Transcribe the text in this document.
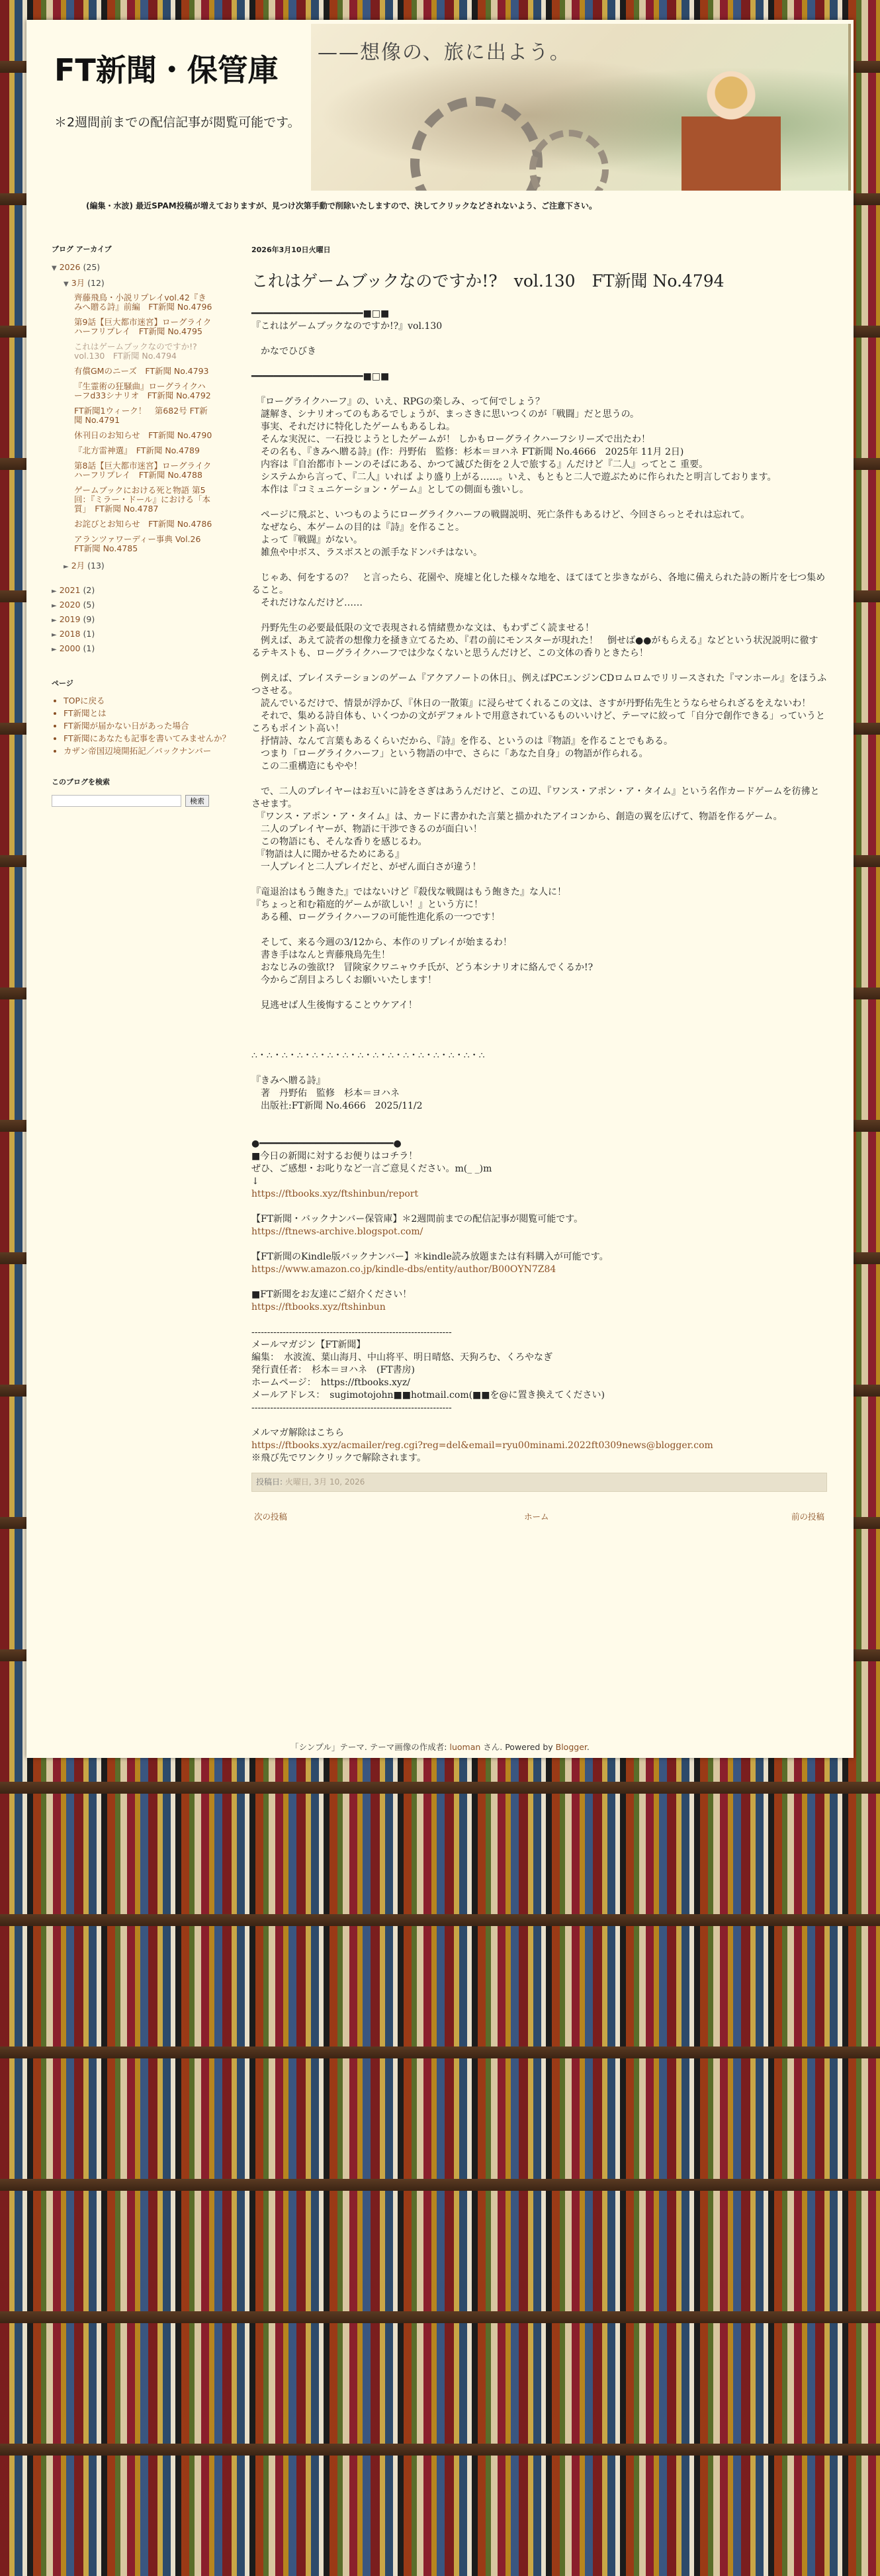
FT新聞・保管庫
＊2週間前までの配信記事が閲覧可能です。
——想像の、旅に出よう。
(編集・水波) 最近SPAM投稿が増えておりますが、見つけ次第手動で削除いたしますので、決してクリックなどされないよう、ご注意下さい。
ブログ アーカイブ
▼ 2026 (25)
▼ 3月 (12)
齊藤飛鳥・小説リプレイvol.42『きみへ贈る詩』前編　FT新聞 No.4796
第9話【巨大都市迷宮】ローグライクハーフリプレイ　FT新聞 No.4795
これはゲームブックなのですか!?　vol.130　FT新聞 No.4794
有償GMのニーズ　FT新聞 No.4793
『生霊術の狂騒曲』ローグライクハーフd33シナリオ　FT新聞 No.4792
FT新聞1ウィーク！　第682号 FT新聞 No.4791
休刊日のお知らせ　FT新聞 No.4790
『北方雷神選』　FT新聞 No.4789
第8話【巨大都市迷宮】ローグライクハーフリプレイ　FT新聞 No.4788
ゲームブックにおける死と物語 第5回：『ミラー・ドール』における「本質」　FT新聞 No.4787
お詫びとお知らせ　FT新聞 No.4786
アランツァワーディー事典 Vol.26　FT新聞 No.4785
► 2月 (13)
► 2021 (2)
► 2020 (5)
► 2019 (9)
► 2018 (1)
► 2000 (1)
ページ
• TOPに戻る
• FT新聞とは
• FT新聞が届かない日があった場合
• FT新聞にあなたも記事を書いてみませんか？
• カザン帝国辺境開拓記／バックナンバー
このブログを検索
検索
2026年3月10日火曜日
これはゲームブックなのですか!?　vol.130　FT新聞 No.4794
━━━━━━━━━━━━━━━━━━━━■□■
『これはゲームブックなのですか!?』vol.130
　かなでひびき
━━━━━━━━━━━━━━━━━━━━■□■
　『ローグライクハーフ』の、いえ、RPGの楽しみ、って何でしょう？
　謎解き、シナリオってのもあるでしょうが、まっさきに思いつくのが「戦闘」だと思うの。
　事実、それだけに特化したゲームもあるしね。
　そんな実況に、一石投じようとしたゲームが！ しかもローグライクハーフシリーズで出たわ！
　その名も、『きみへ贈る詩』(作：丹野佑　監修：杉本＝ヨハネ FT新聞 No.4666　2025年 11月 2日)
　内容は『自治都市トーンのそばにある、かつて滅びた街を２人で旅する』んだけど『二人』ってとこ 重要。
　システムから言って、『二人』いれば より盛り上がる……。いえ、もともと二人で遊ぶために作られたと明言しております。
　本作は『コミュニケーション・ゲーム』としての側面も強いし。
　ページに飛ぶと、いつものようにローグライクハーフの戦闘説明、死亡条件もあるけど、今回さらっとそれは忘れて。
　なぜなら、本ゲームの目的は『詩』を作ること。
　よって『戦闘』がない。
　雑魚や中ボス、ラスボスとの派手なドンパチはない。
　じゃあ、何をするの？　と言ったら、花園や、廃墟と化した様々な地を、ほてほてと歩きながら、各地に備えられた詩の断片を七つ集めること。
　それだけなんだけど……
　丹野先生の必要最低限の文で表現される情緒豊かな文は、もわずごく読ませる！
　例えば、あえて読者の想像力を掻き立てるため、『君の前にモンスターが現れた！　倒せば●●がもらえる』などという状況説明に徹するテキストも、ローグライクハーフでは少なくないと思うんだけど、この文体の香りときたら！
　例えば、プレイステーションのゲーム『アクアノートの休日』、例えばPCエンジンCDロムロムでリリースされた『マンホール』をほうふつさせる。
　読んでいるだけで、情景が浮かび、『休日の一散策』に浸らせてくれるこの文は、さすが丹野佑先生とうならせられざるをえないわ！
　それで、集める詩自体も、いくつかの文がデフォルトで用意されているものいいけど、テーマに絞って「自分で創作できる」っていうところもポイント高い！
　抒情詩、なんて言葉もあるくらいだから、『詩』を作る、というのは『物語』を作ることでもある。
　つまり「ローグライクハーフ」という物語の中で、さらに「あなた自身」の物語が作られる。
　この二重構造にもやや！
　で、二人のプレイヤーはお互いに詩をさぎはあうんだけど、この辺、『ワンス・アポン・ア・タイム』という名作カードゲームを彷彿とさせます。
　『ワンス・アポン・ア・タイム』は、カードに書かれた言葉と描かれたアイコンから、創造の翼を広げて、物語を作るゲーム。
　二人のプレイヤーが、物語に干渉できるのが面白い！
　この物語にも、そんな香りを感じるわ。
　『物語は人に聞かせるためにある』
　一人プレイと二人プレイだと、がぜん面白さが違う！
『竜退治はもう飽きた』ではないけど『殺伐な戦闘はもう飽きた』な人に！
『ちょっと和む箱庭的ゲームが欲しい！』という方に！
　ある種、ローグライクハーフの可能性進化系の一つです！
　そして、来る今週の3/12から、本作のリプレイが始まるわ！
　書き手はなんと齊藤飛鳥先生！
　おなじみの強欲!?　冒険家クワニャウチ氏が、どう本シナリオに絡んでくるか!?
　今からご刮目よろしくお願いいたします！
　見逃せば人生後悔することウケアイ！
∴・∴・∴・∴・∴・∴・∴・∴・∴・∴・∴・∴・∴・∴・∴・∴
『きみへ贈る詩』
　著　丹野佑　監修　杉本＝ヨハネ
　出版社:FT新聞 No.4666　2025/11/2
●━━━━━━━━━━━━━━━━━━━━━━━━●
■今日の新聞に対するお便りはコチラ！
ぜひ、ご感想・お叱りなど一言ご意見ください。m(_ _)m
↓
https://ftbooks.xyz/ftshinbun/report
【FT新聞・バックナンバー保管庫】＊2週間前までの配信記事が閲覧可能です。
https://ftnews-archive.blogspot.com/
【FT新聞のKindle版バックナンバー】＊kindle読み放題または有料購入が可能です。
https://www.amazon.co.jp/kindle-dbs/entity/author/B00OYN7Z84
■FT新聞をお友達にご紹介ください！
https://ftbooks.xyz/ftshinbun
----------------------------------------------------------------
メールマガジン【FT新聞】
編集：　水波流、葉山海月、中山将平、明日晴悠、天狗ろむ、くろやなぎ
発行責任者：　杉本＝ヨハネ　(FT書房)
ホームページ：　https://ftbooks.xyz/
メールアドレス：　sugimotojohn■■hotmail.com(■■を@に置き換えてください)
----------------------------------------------------------------
メルマガ解除はこちら
https://ftbooks.xyz/acmailer/reg.cgi?reg=del&email=ryu00minami.2022ft0309news@blogger.com
※飛び先でワンクリックで解除されます。
投稿日: 火曜日, 3月 10, 2026
次の投稿	ホーム	前の投稿
「シンプル」テーマ. テーマ画像の作成者: luoman さん. Powered by Blogger.
